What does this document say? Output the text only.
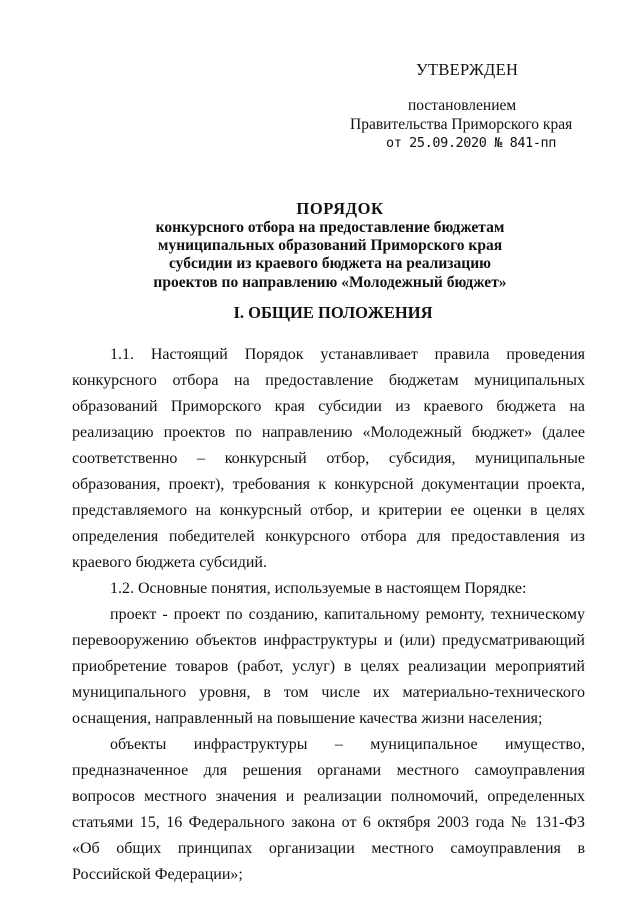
УТВЕРЖДЕН
постановлением
Правительства Приморского края
от 25.09.2020 № 841-пп
ПОРЯДОК
конкурсного отбора на предоставление бюджетам
муниципальных образований Приморского края
субсидии из краевого бюджета на реализацию
проектов по направлению «Молодежный бюджет»
I. ОБЩИЕ ПОЛОЖЕНИЯ

1.1. Настоящий Порядок устанавливает правила проведения конкурсного отбора на предоставление бюджетам муниципальных образований Приморского края субсидии из краевого бюджета на реализацию проектов по направлению «Молодежный бюджет» (далее соответственно – конкурсный отбор, субсидия, муниципальные образования, проект), требования к конкурсной документации проекта, представляемого на конкурсный отбор, и критерии ее оценки в целях определения победителей конкурсного отбора для предоставления из краевого бюджета субсидий.

1.2. Основные понятия, используемые в настоящем Порядке:

проект - проект по созданию, капитальному ремонту, техническому перевооружению объектов инфраструктуры и (или) предусматривающий приобретение товаров (работ, услуг) в целях реализации мероприятий муниципального уровня, в том числе их материально-технического оснащения, направленный на повышение качества жизни населения;

объекты инфраструктуры – муниципальное имущество, предназначенное для решения органами местного самоуправления вопросов местного значения и реализации полномочий, определенных статьями 15, 16 Федерального закона от 6 октября 2003 года № 131-ФЗ «Об общих принципах организации местного самоуправления в Российской Федерации»;
